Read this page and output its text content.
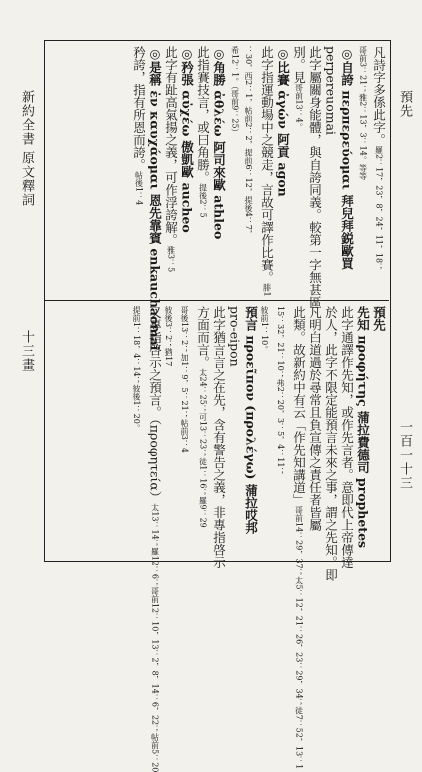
預先
一百一十三
新約全書 原文釋詞
十三畫
凡詩字多係此字。羅2：17，23，8，24，11，18；
哥前3：21；雅2：13，3：14。等等
◎自誇 περπερεύομαι 拜兒拜鋭歐買
perpereuomai
此字屬關身能體，與自誇同義。較第一字無甚區
別。見哥前13：4。
◎比賽 ἀγών 阿貢 agon
此字指運動場中之競走，言故可譯作比賽。腓1
：30，西2：1，帖前2：2，提前6：12，提後4：7，
希12：1。（哥前9：25）
◎角勝 ἀθλέω 阿司來歐 athleo
此指賽技言，或曰角勝。提後2：5
◎矜張 αὐχέω 傲凱歐 aucheo
此字有趾高氣揚之義，可作浮誇解。雅3：5
◎是稱 ἐν καυχάομαι 恩先靠賓 enkauchaomai
矜誇，指有所恩而誇。帖後1：4
預先
先知 προφήτης 蒲拉費德司 prophetes
此字通譯作先知，或作先言者。意即代上帝傳達
於人，此字不限定能預言未來之事，謂之先知。即
凡明白道過於尋常且負宣傳之責任者皆屬
此類。故新約中有云「作先知講道」哥前14：29，37；太5：12，21：26，23：29，34；徒7：52，13：1
15：32，21：10；弗2：20，3：5，4：11；
彼前1：10。
預言 προεῖπον (προλέγω) 蒲拉哎邦
pro-eipon
此字猶言言之在先，含有警告之義，非專指啓示
方面而言。太24：25；可13：23；徒1：16；羅9：29
哥後13：2；加1：9，5：21；帖前3：4
彼後3：2；猶17
又專指啓示之預言。（προφητεία）太13：14；羅12：6；哥前12：10，13：2，8，14：6，22；帖前5：20
提前1：18，4：14；彼後1：20。
